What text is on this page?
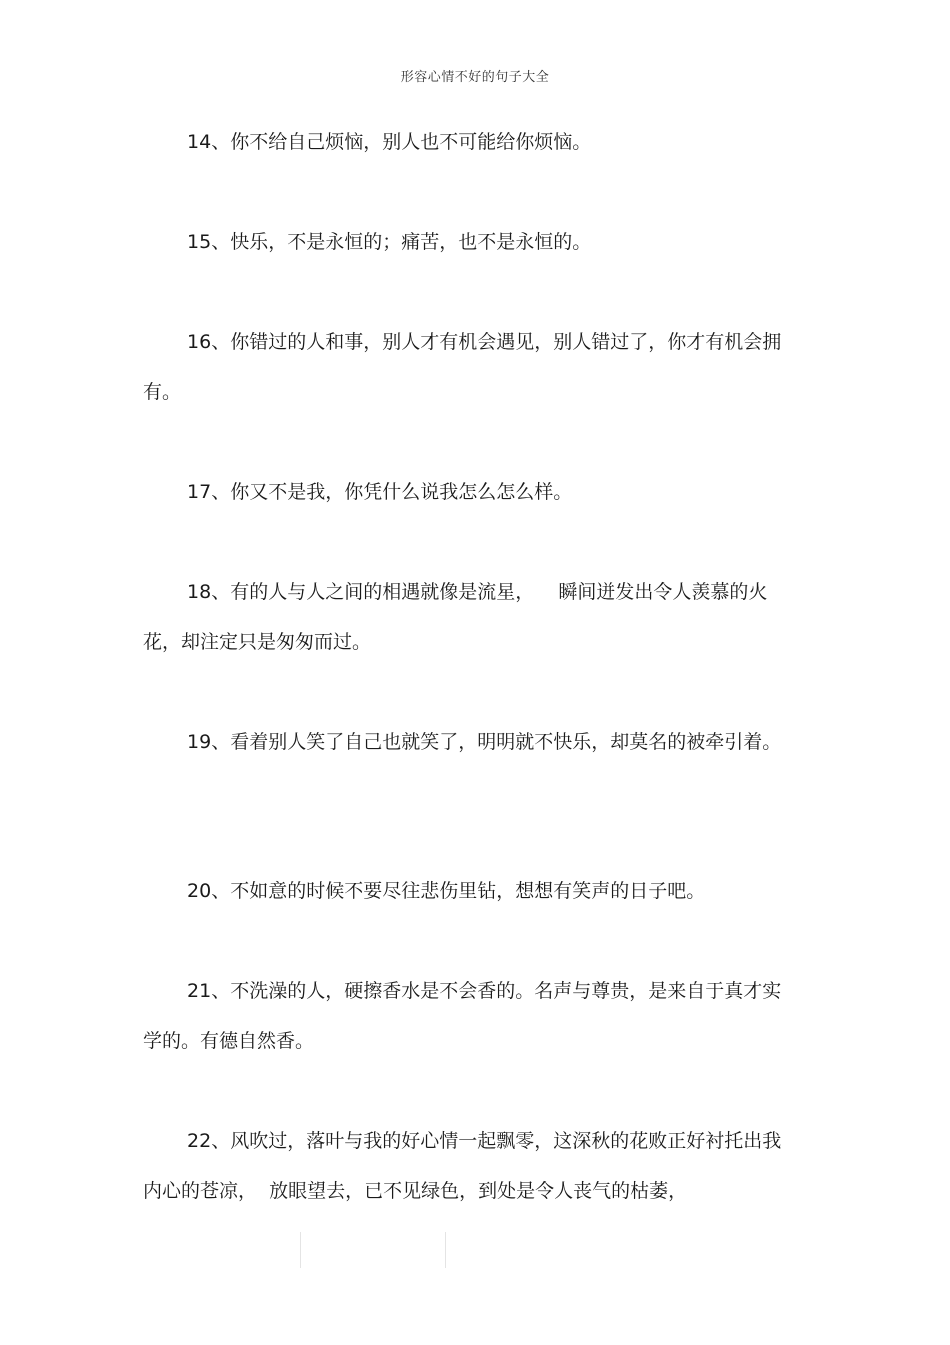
形容心情不好的句子大全

14、你不给自己烦恼，别人也不可能给你烦恼。

15、快乐，不是永恒的；痛苦，也不是永恒的。

16、你错过的人和事，别人才有机会遇见，别人错过了，你才有机会拥有。

17、你又不是我，你凭什么说我怎么怎么样。

18、有的人与人之间的相遇就像是流星，    瞬间迸发出令人羡慕的火花，却注定只是匆匆而过。

19、看着别人笑了自己也就笑了，明明就不快乐，却莫名的被牵引着。

20、不如意的时候不要尽往悲伤里钻，想想有笑声的日子吧。

21、不洗澡的人，硬擦香水是不会香的。名声与尊贵，是来自于真才实学的。有德自然香。

22、风吹过，落叶与我的好心情一起飘零，这深秋的花败正好衬托出我内心的苍凉，  放眼望去，已不见绿色，到处是令人丧气的枯萎，
